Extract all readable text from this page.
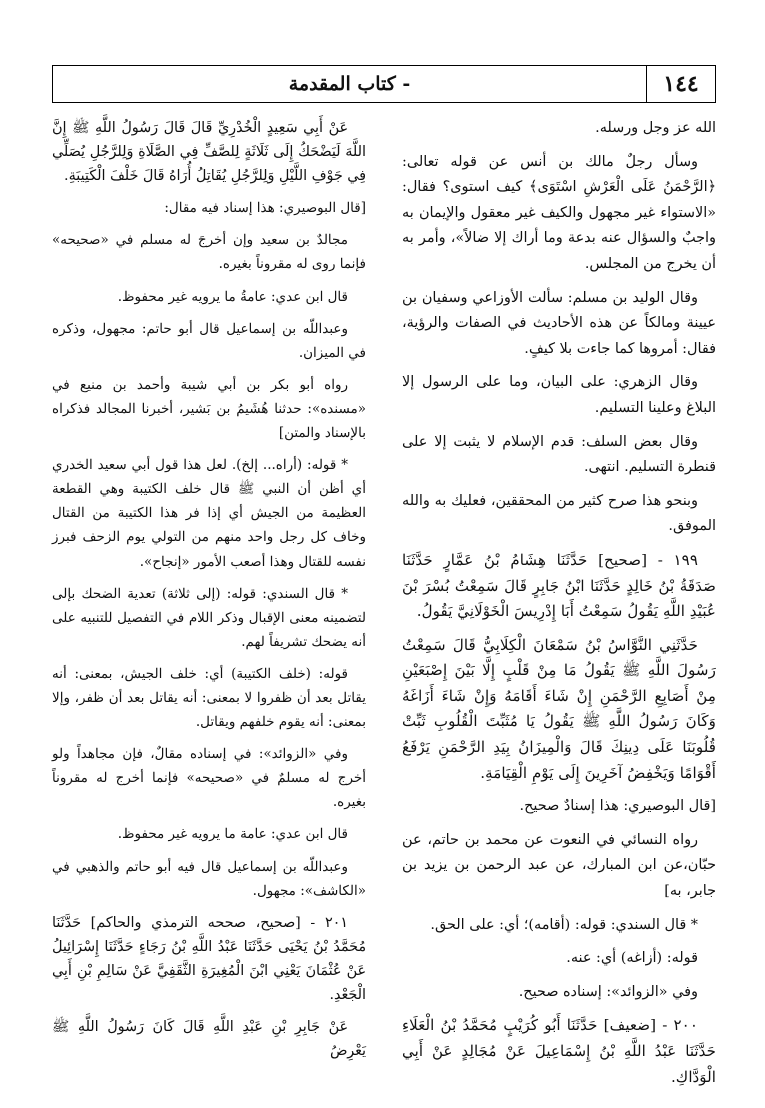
١٤٤
- كتاب المقدمة

الله عز وجل ورسله.

وسأل رجلٌ مالك بن أنس عن قوله تعالى: ﴿الرَّحْمَنُ عَلَى الْعَرْشِ اسْتَوَى﴾ كيف استوى؟ فقال: «الاستواء غير مجهول والكيف غير معقول والإيمان به واجبٌ والسؤال عنه بدعة وما أراك إلا ضالاً»، وأمر به أن يخرج من المجلس.

وقال الوليد بن مسلم: سألت الأوزاعي وسفيان بن عيينة ومالكاً عن هذه الأحاديث في الصفات والرؤية، فقال: أمروها كما جاءت بلا كيفٍ.

وقال الزهري: على البيان، وما على الرسول إلا البلاغ وعلينا التسليم.

وقال بعض السلف: قدم الإسلام لا يثبت إلا على قنطرة التسليم. انتهى.

وبنحو هذا صرح كثير من المحققين، فعليك به والله الموفق.

١٩٩ - [صحيح] حَدَّثَنَا هِشَامُ بْنُ عَمَّارٍ حَدَّثَنَا صَدَقَةُ بْنُ خَالِدٍ حَدَّثَنَا ابْنُ جَابِرٍ قَالَ سَمِعْتُ بُسْرَ بْنَ عُبَيْدِ اللَّهِ يَقُولُ سَمِعْتُ أَبَا إِدْرِيسَ الْخَوْلَانِيَّ يَقُولُ.

حَدَّثَنِي النَّوَّاسُ بْنُ سَمْعَانَ الْكِلَابِيُّ قَالَ سَمِعْتُ رَسُولَ اللَّهِ ﷺ يَقُولُ مَا مِنْ قَلْبٍ إِلَّا بَيْنَ إِصْبَعَيْنِ مِنْ أَصَابِعِ الرَّحْمَنِ إِنْ شَاءَ أَقَامَهُ وَإِنْ شَاءَ أَزَاغَهُ وَكَانَ رَسُولُ اللَّهِ ﷺ يَقُولُ يَا مُثَبِّتَ الْقُلُوبِ ثَبِّتْ قُلُوبَنَا عَلَى دِينِكَ قَالَ وَالْمِيزَانُ بِيَدِ الرَّحْمَنِ يَرْفَعُ أَقْوَامًا وَيَخْفِضُ آخَرِينَ إِلَى يَوْمِ الْقِيَامَةِ.

[قال البوصيري: هذا إسنادٌ صحيح.

رواه النسائي في النعوت عن محمد بن حاتم، عن حبّان،عن ابن المبارك، عن عبد الرحمن بن يزيد بن جابر، به]

* قال السندي: قوله: (أقامه)؛ أي: على الحق.

قوله: (أزاغه) أي: عنه.

وفي «الزوائد»: إسناده صحيح.

٢٠٠ - [ضعيف] حَدَّثَنَا أَبُو كُرَيْبٍ مُحَمَّدُ بْنُ الْعَلَاءِ حَدَّثَنَا عَبْدُ اللَّهِ بْنُ إِسْمَاعِيلَ عَنْ مُجَالِدٍ عَنْ أَبِي الْوَدَّاكِ.

عَنْ أَبِي سَعِيدٍ الْخُدْرِيِّ قَالَ قَالَ رَسُولُ اللَّهِ ﷺ إِنَّ اللَّهَ لَيَضْحَكُ إِلَى ثَلَاثَةٍ لِلصَّفِّ فِي الصَّلَاةِ وَلِلرَّجُلِ يُصَلِّي فِي جَوْفِ اللَّيْلِ وَلِلرَّجُلِ يُقَاتِلُ أُرَاهُ قَالَ خَلْفَ الْكَتِيبَةِ.

[قال البوصيري: هذا إسناد فيه مقال:

مجالدٌ بن سعيد وإن أخرجَ له مسلم في «صحيحه» فإنما روى له مقروناً بغيره.

قال ابن عدي: عامةُ ما يرويه غير محفوظ.

وعبداللّه بن إسماعيل قال أبو حاتم: مجهول، وذكره في الميزان.

رواه أبو بكر بن أبي شيبة وأحمد بن منيع في «مسنده»: حدثنا هُشَيمُ بن بَشير، أخبرنا المجالد فذكراه بالإسناد والمتن]

* قوله: (أراه... إلخ). لعل هذا قول أبي سعيد الخدري أي أظن أن النبي ﷺ قال خلف الكتيبة وهي القطعة العظيمة من الجيش أي إذا فر هذا الكتيبة من القتال وخاف كل رجل واحد منهم من التولي يوم الزحف فبرز نفسه للقتال وهذا أصعب الأمور «إنجاح».

* قال السندي: قوله: (إلى ثلاثة) تعدية الضحك بإلى لتضمينه معنى الإقبال وذكر اللام في التفصيل للتنبيه على أنه يضحك تشريفاً لهم.

قوله: (خلف الكتيبة) أي: خلف الجيش، بمعنى: أنه يقاتل بعد أن ظفروا لا بمعنى: أنه يقاتل بعد أن ظفر، وإلا بمعنى: أنه يقوم خلفهم ويقاتل.

وفي «الزوائد»: في إسناده مقالٌ، فإن مجاهداً ولو أخرج له مسلمٌ في «صحيحه» فإنما أخرج له مقروناً بغيره.

قال ابن عدي: عامة ما يرويه غير محفوظ.

وعبداللّه بن إسماعيل قال فيه أبو حاتم والذهبي في «الكاشف»: مجهول.

٢٠١ - [صحيح، صححه الترمذي والحاكم] حَدَّثَنَا مُحَمَّدُ بْنُ يَحْيَى حَدَّثَنَا عَبْدُ اللَّهِ بْنُ رَجَاءٍ حَدَّثَنَا إِسْرَائِيلُ عَنْ عُثْمَانَ يَعْنِي ابْنَ الْمُغِيرَةِ الثَّقَفِيَّ عَنْ سَالِمِ بْنِ أَبِي الْجَعْدِ.

عَنْ جَابِرِ بْنِ عَبْدِ اللَّهِ قَالَ كَانَ رَسُولُ اللَّهِ ﷺ يَعْرِضُ
